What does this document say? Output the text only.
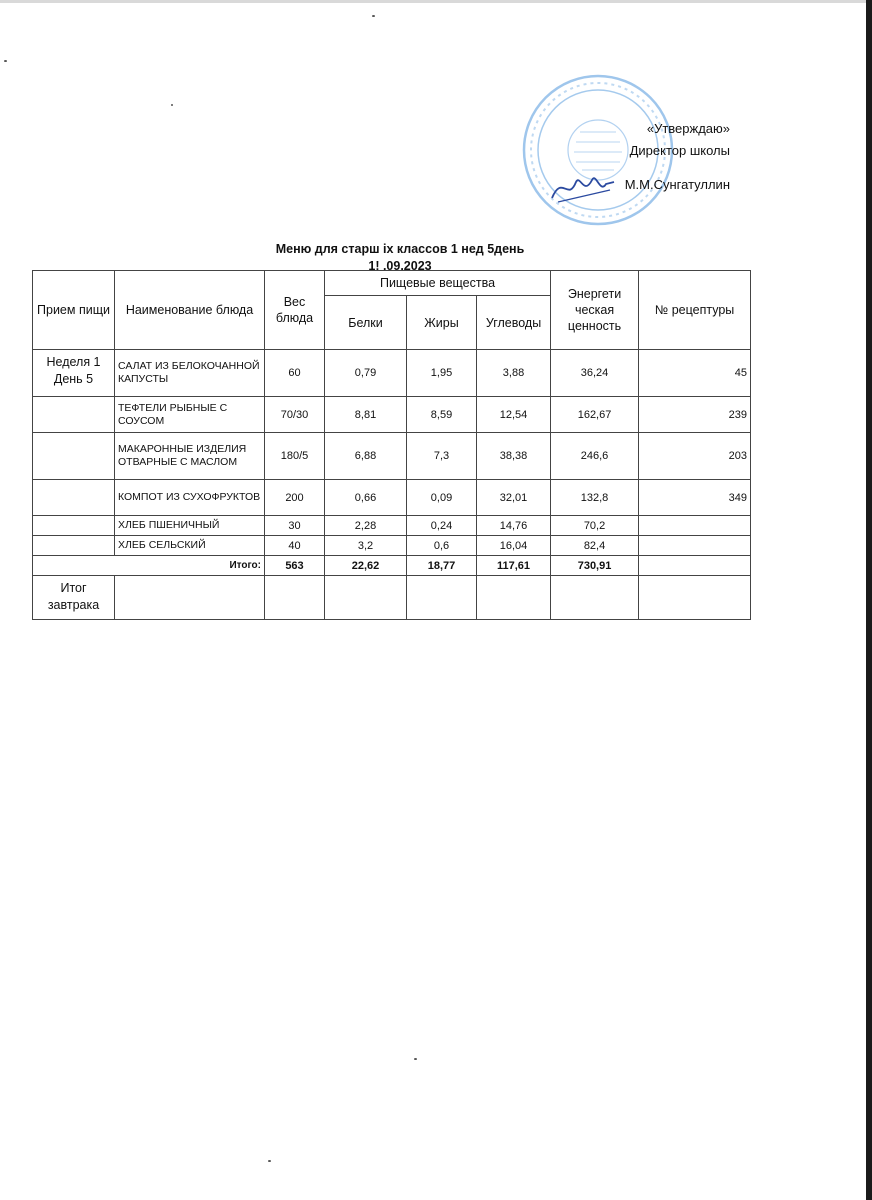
«Утверждаю»
Директор школы
М.М.Сунгатуллин
Меню для старш іх классов 1 нед 5день
1! .09.2023
Прием пищи	Наименование блюда	Вес блюда	Пищевые вещества			Энергети ческая ценность	№ рецептуры
			Белки	Жиры	Углеводы		
Неделя 1 День 5	САЛАТ ИЗ БЕЛОКОЧАННОЙ КАПУСТЫ	60	0,79	1,95	3,88	36,24	45
	ТЕФТЕЛИ РЫБНЫЕ С СОУСОМ	70/30	8,81	8,59	12,54	162,67	239
	МАКАРОННЫЕ ИЗДЕЛИЯ ОТВАРНЫЕ С МАСЛОМ	180/5	6,88	7,3	38,38	246,6	203
	КОМПОТ ИЗ СУХОФРУКТОВ	200	0,66	0,09	32,01	132,8	349
	ХЛЕБ ПШЕНИЧНЫЙ	30	2,28	0,24	14,76	70,2	
	ХЛЕБ СЕЛЬСКИЙ	40	3,2	0,6	16,04	82,4	
Итого:		563	22,62	18,77	117,61	730,91	
Итог завтрака							
